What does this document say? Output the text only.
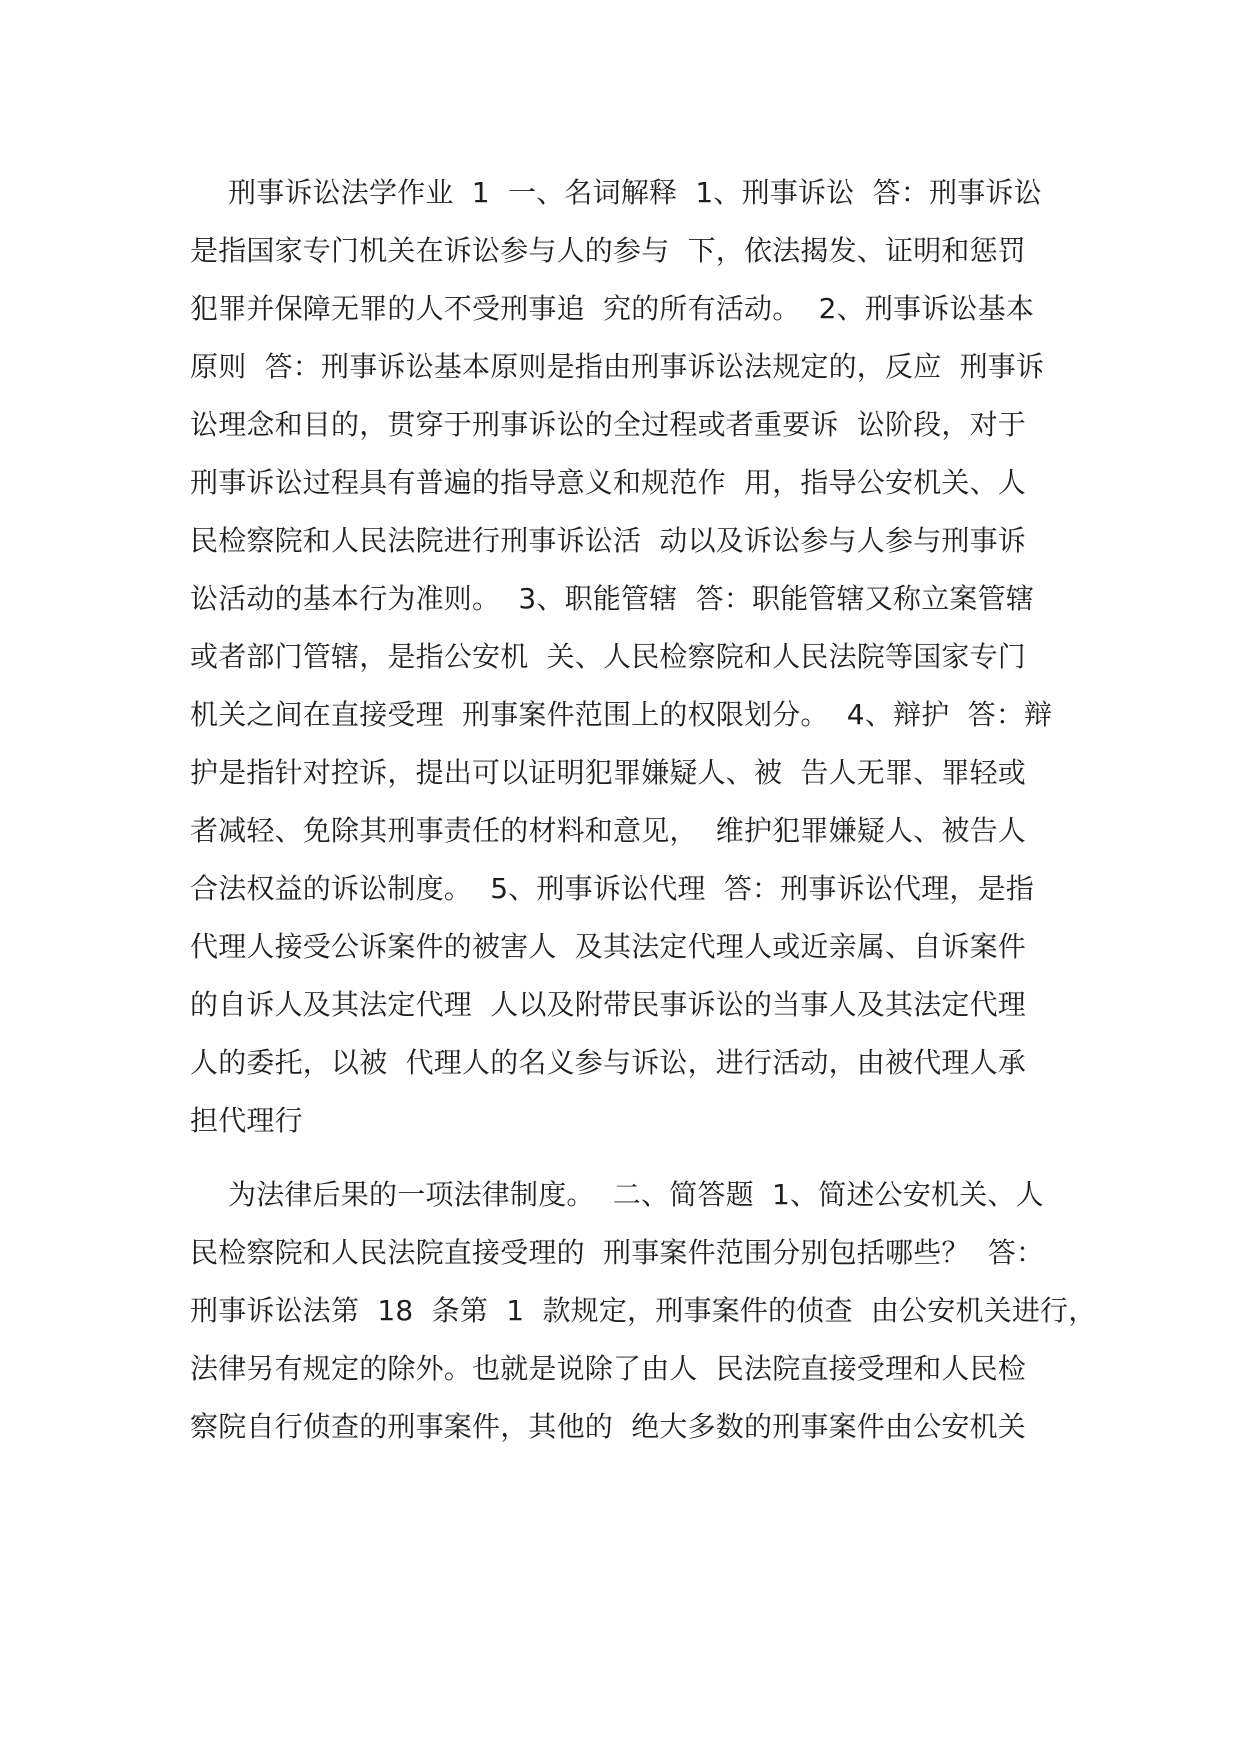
刑事诉讼法学作业  1  一、名词解释  1、刑事诉讼  答：刑事诉讼
是指国家专门机关在诉讼参与人的参与  下，依法揭发、证明和惩罚
犯罪并保障无罪的人不受刑事追  究的所有活动。  2、刑事诉讼基本
原则  答：刑事诉讼基本原则是指由刑事诉讼法规定的，反应  刑事诉
讼理念和目的，贯穿于刑事诉讼的全过程或者重要诉  讼阶段，对于
刑事诉讼过程具有普遍的指导意义和规范作  用，指导公安机关、人
民检察院和人民法院进行刑事诉讼活  动以及诉讼参与人参与刑事诉
讼活动的基本行为准则。  3、职能管辖  答：职能管辖又称立案管辖
或者部门管辖，是指公安机  关、人民检察院和人民法院等国家专门
机关之间在直接受理  刑事案件范围上的权限划分。  4、辩护  答：辩
护是指针对控诉，提出可以证明犯罪嫌疑人、被  告人无罪、罪轻或
者减轻、免除其刑事责任的材料和意见，  维护犯罪嫌疑人、被告人
合法权益的诉讼制度。  5、刑事诉讼代理  答：刑事诉讼代理，是指
代理人接受公诉案件的被害人  及其法定代理人或近亲属、自诉案件
的自诉人及其法定代理  人以及附带民事诉讼的当事人及其法定代理
人的委托，以被  代理人的名义参与诉讼，进行活动，由被代理人承
担代理行
为法律后果的一项法律制度。  二、简答题  1、简述公安机关、人
民检察院和人民法院直接受理的  刑事案件范围分别包括哪些？  答：
刑事诉讼法第  18  条第  1  款规定，刑事案件的侦查  由公安机关进行，
法律另有规定的除外。也就是说除了由人  民法院直接受理和人民检
察院自行侦查的刑事案件，其他的  绝大多数的刑事案件由公安机关
